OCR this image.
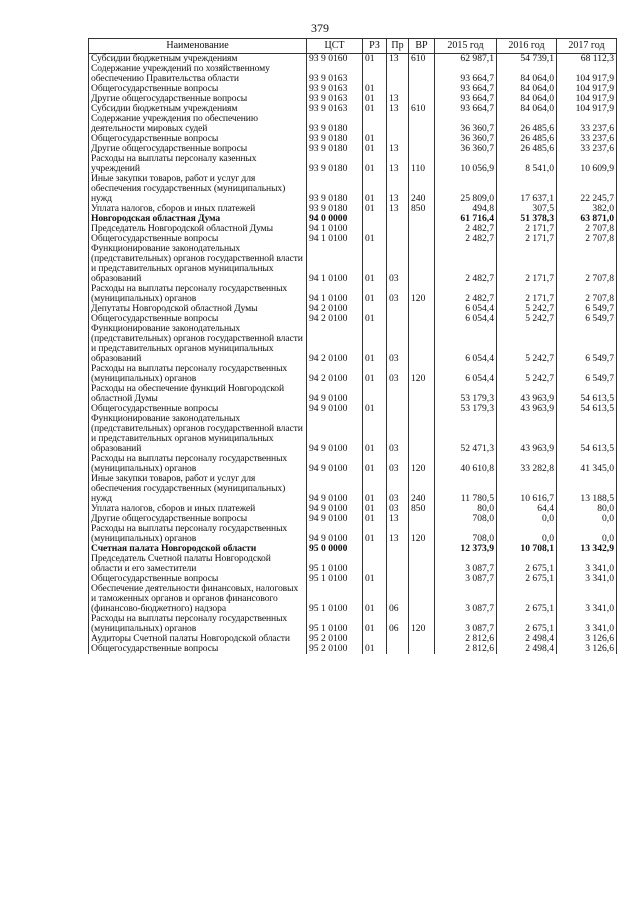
379
Наименование	ЦСТ	РЗ	Пр	ВР	2015 год	2016 год	2017 год
Субсидии бюджетным учреждениям	93 9 0160	01	13	610	62 987,1	54 739,1	68 112,3
Содержание учреждений по хозяйственному обеспечению Правительства области	93 9 0163				93 664,7	84 064,0	104 917,9
Общегосударственные вопросы	93 9 0163	01			93 664,7	84 064,0	104 917,9
Другие общегосударственные вопросы	93 9 0163	01	13		93 664,7	84 064,0	104 917,9
Субсидии бюджетным учреждениям	93 9 0163	01	13	610	93 664,7	84 064,0	104 917,9
Содержание учреждения по обеспечению деятельности мировых судей	93 9 0180				36 360,7	26 485,6	33 237,6
Общегосударственные вопросы	93 9 0180	01			36 360,7	26 485,6	33 237,6
Другие общегосударственные вопросы	93 9 0180	01	13		36 360,7	26 485,6	33 237,6
Расходы на выплаты персоналу казенных учреждений	93 9 0180	01	13	110	10 056,9	8 541,0	10 609,9
Иные закупки товаров, работ и услуг для обеспечения государственных (муниципальных) нужд	93 9 0180	01	13	240	25 809,0	17 637,1	22 245,7
Уплата налогов, сборов и иных платежей	93 9 0180	01	13	850	494,8	307,5	382,0
Новгородская областная Дума	94 0 0000				61 716,4	51 378,3	63 871,0
Председатель Новгородской областной Думы	94 1 0100				2 482,7	2 171,7	2 707,8
Общегосударственные вопросы	94 1 0100	01			2 482,7	2 171,7	2 707,8
Функционирование законодательных (представительных) органов государственной власти и представительных органов муниципальных образований	94 1 0100	01	03		2 482,7	2 171,7	2 707,8
Расходы на выплаты персоналу государственных (муниципальных) органов	94 1 0100	01	03	120	2 482,7	2 171,7	2 707,8
Депутаты Новгородской областной Думы	94 2 0100				6 054,4	5 242,7	6 549,7
Общегосударственные вопросы	94 2 0100	01			6 054,4	5 242,7	6 549,7
Функционирование законодательных (представительных) органов государственной власти и представительных органов муниципальных образований	94 2 0100	01	03		6 054,4	5 242,7	6 549,7
Расходы на выплаты персоналу государственных (муниципальных) органов	94 2 0100	01	03	120	6 054,4	5 242,7	6 549,7
Расходы на обеспечение функций Новгородской областной Думы	94 9 0100				53 179,3	43 963,9	54 613,5
Общегосударственные вопросы	94 9 0100	01			53 179,3	43 963,9	54 613,5
Функционирование законодательных (представительных) органов государственной власти и представительных органов муниципальных образований	94 9 0100	01	03		52 471,3	43 963,9	54 613,5
Расходы на выплаты персоналу государственных (муниципальных) органов	94 9 0100	01	03	120	40 610,8	33 282,8	41 345,0
Иные закупки товаров, работ и услуг для обеспечения государственных (муниципальных) нужд	94 9 0100	01	03	240	11 780,5	10 616,7	13 188,5
Уплата налогов, сборов и иных платежей	94 9 0100	01	03	850	80,0	64,4	80,0
Другие общегосударственные вопросы	94 9 0100	01	13		708,0	0,0	0,0
Расходы на выплаты персоналу государственных (муниципальных) органов	94 9 0100	01	13	120	708,0	0,0	0,0
Счетная палата Новгородской области	95 0 0000				12 373,9	10 708,1	13 342,9
Председатель Счетной палаты Новгородской области и его заместители	95 1 0100				3 087,7	2 675,1	3 341,0
Общегосударственные вопросы	95 1 0100	01			3 087,7	2 675,1	3 341,0
Обеспечение деятельности финансовых, налоговых и таможенных органов и органов финансового (финансово-бюджетного) надзора	95 1 0100	01	06		3 087,7	2 675,1	3 341,0
Расходы на выплаты персоналу государственных (муниципальных) органов	95 1 0100	01	06	120	3 087,7	2 675,1	3 341,0
Аудиторы Счетной палаты Новгородской области	95 2 0100				2 812,6	2 498,4	3 126,6
Общегосударственные вопросы	95 2 0100	01			2 812,6	2 498,4	3 126,6
